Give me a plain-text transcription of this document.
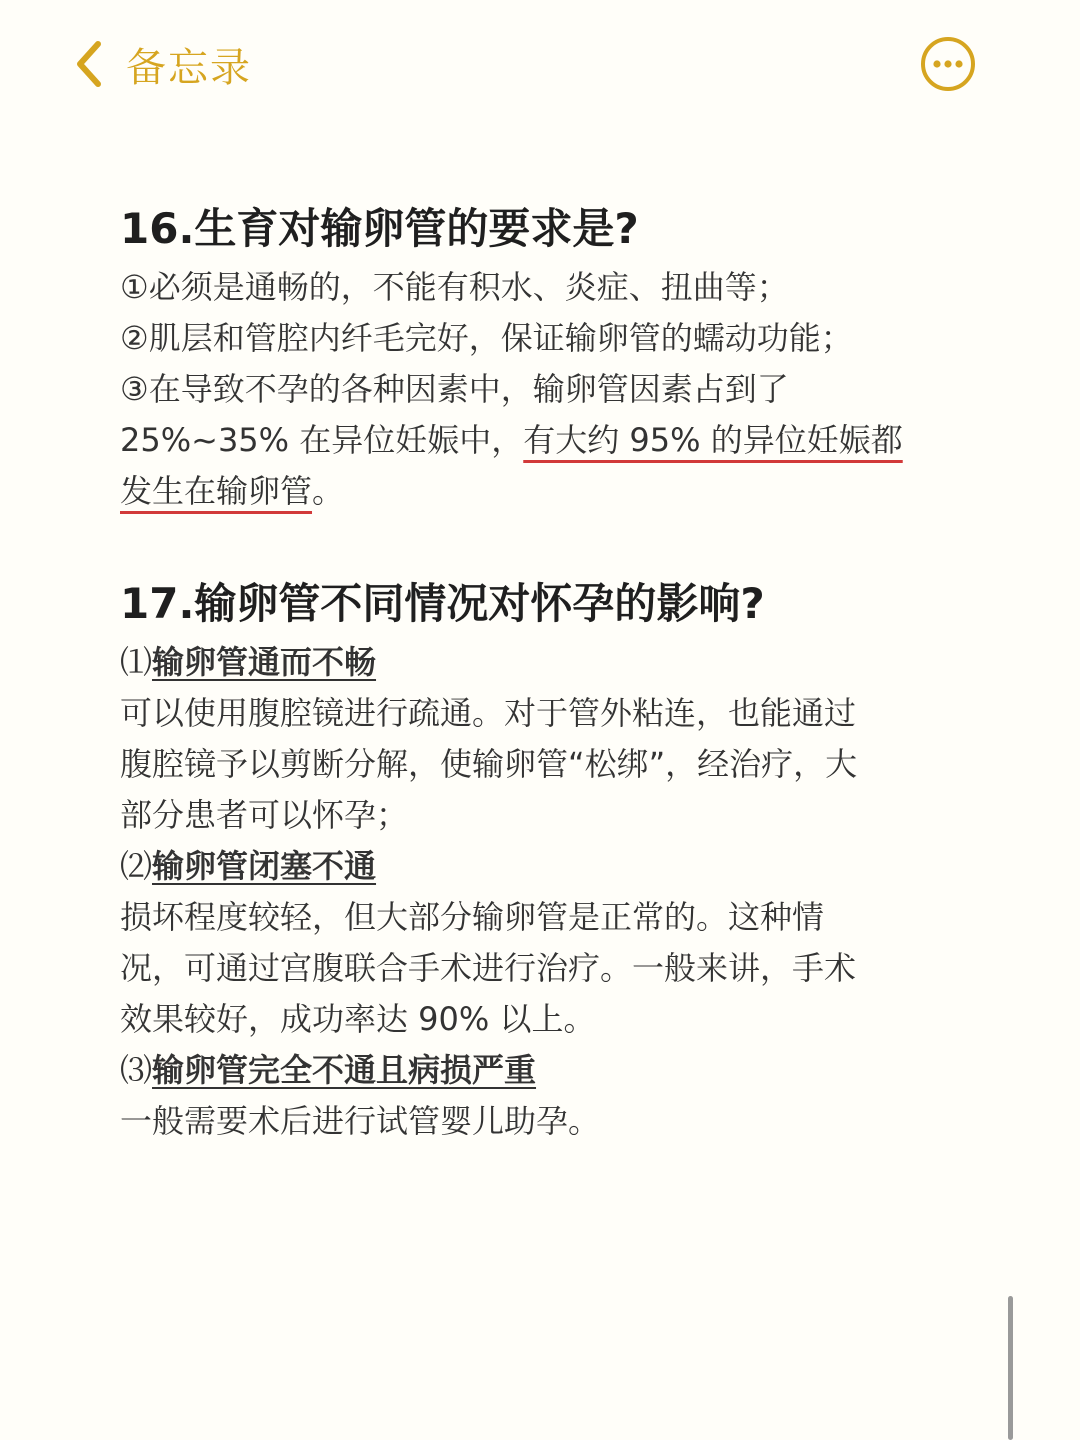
备忘录
16.生育对输卵管的要求是?
①必须是通畅的，不能有积水、炎症、扭曲等；
②肌层和管腔内纤毛完好，保证输卵管的蠕动功能；
③在导致不孕的各种因素中，输卵管因素占到了
25%~35% 在异位妊娠中，有大约 95% 的异位妊娠都
发生在输卵管。
17.输卵管不同情况对怀孕的影响?
⑴输卵管通而不畅
可以使用腹腔镜进行疏通。对于管外粘连，也能通过
腹腔镜予以剪断分解，使输卵管“松绑”，经治疗，大
部分患者可以怀孕；
⑵输卵管闭塞不通
损坏程度较轻，但大部分输卵管是正常的。这种情
况，可通过宫腹联合手术进行治疗。一般来讲，手术
效果较好，成功率达 90% 以上。
⑶输卵管完全不通且病损严重
一般需要术后进行试管婴儿助孕。
